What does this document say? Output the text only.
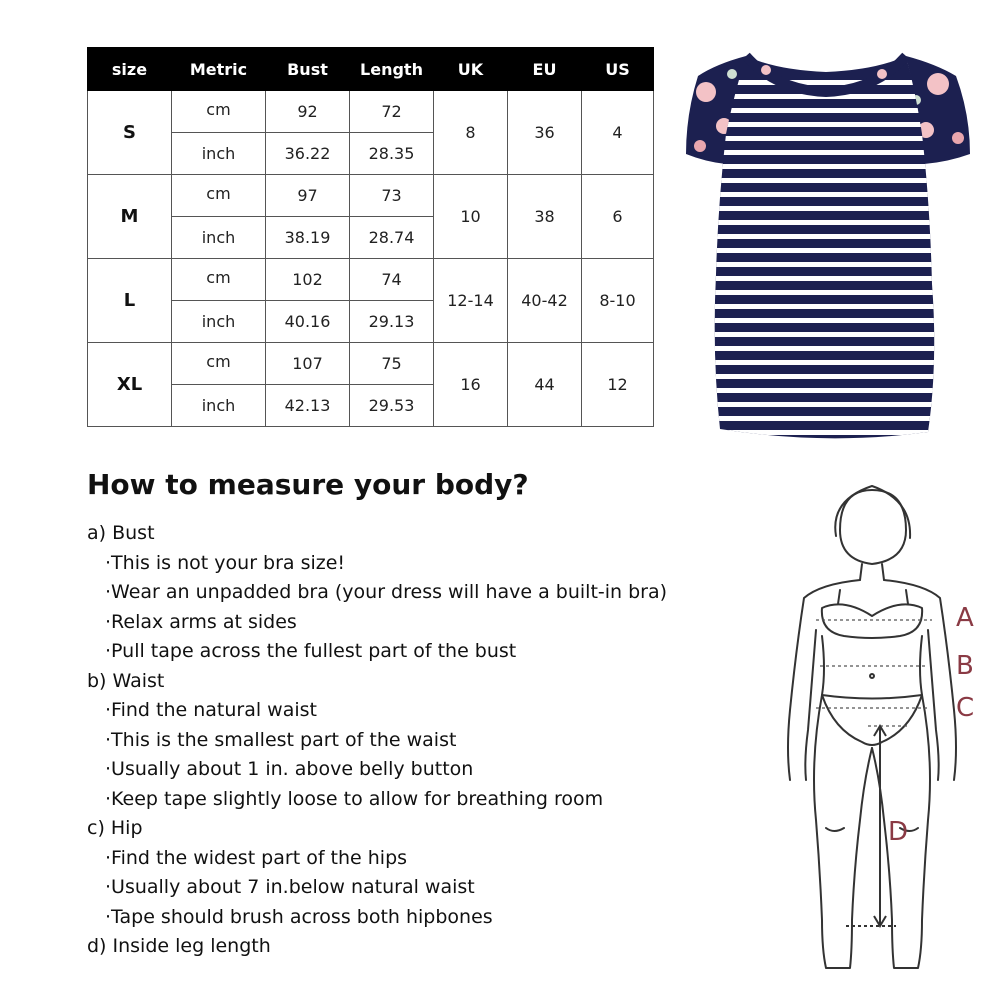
size	Metric	Bust	Length	UK	EU	US
S	cm	92	72	8	36	4
	inch	36.22	28.35			
M	cm	97	73	10	38	6
	inch	38.19	28.74			
L	cm	102	74	12-14	40-42	8-10
	inch	40.16	29.13			
XL	cm	107	75	16	44	12
	inch	42.13	29.53			
How to measure your body?
a) Bust
·This is not your bra size!
·Wear an unpadded bra (your dress will have a built-in bra)
·Relax arms at sides
·Pull tape across the fullest part of the bust
b) Waist
·Find the natural waist
·This is the smallest part of the waist
·Usually about 1 in. above belly button
·Keep tape slightly loose to allow for breathing room
c) Hip
·Find the widest part of the hips
·Usually about 7 in.below natural waist
·Tape should brush across both hipbones
d) Inside leg length
A
B
C
D
